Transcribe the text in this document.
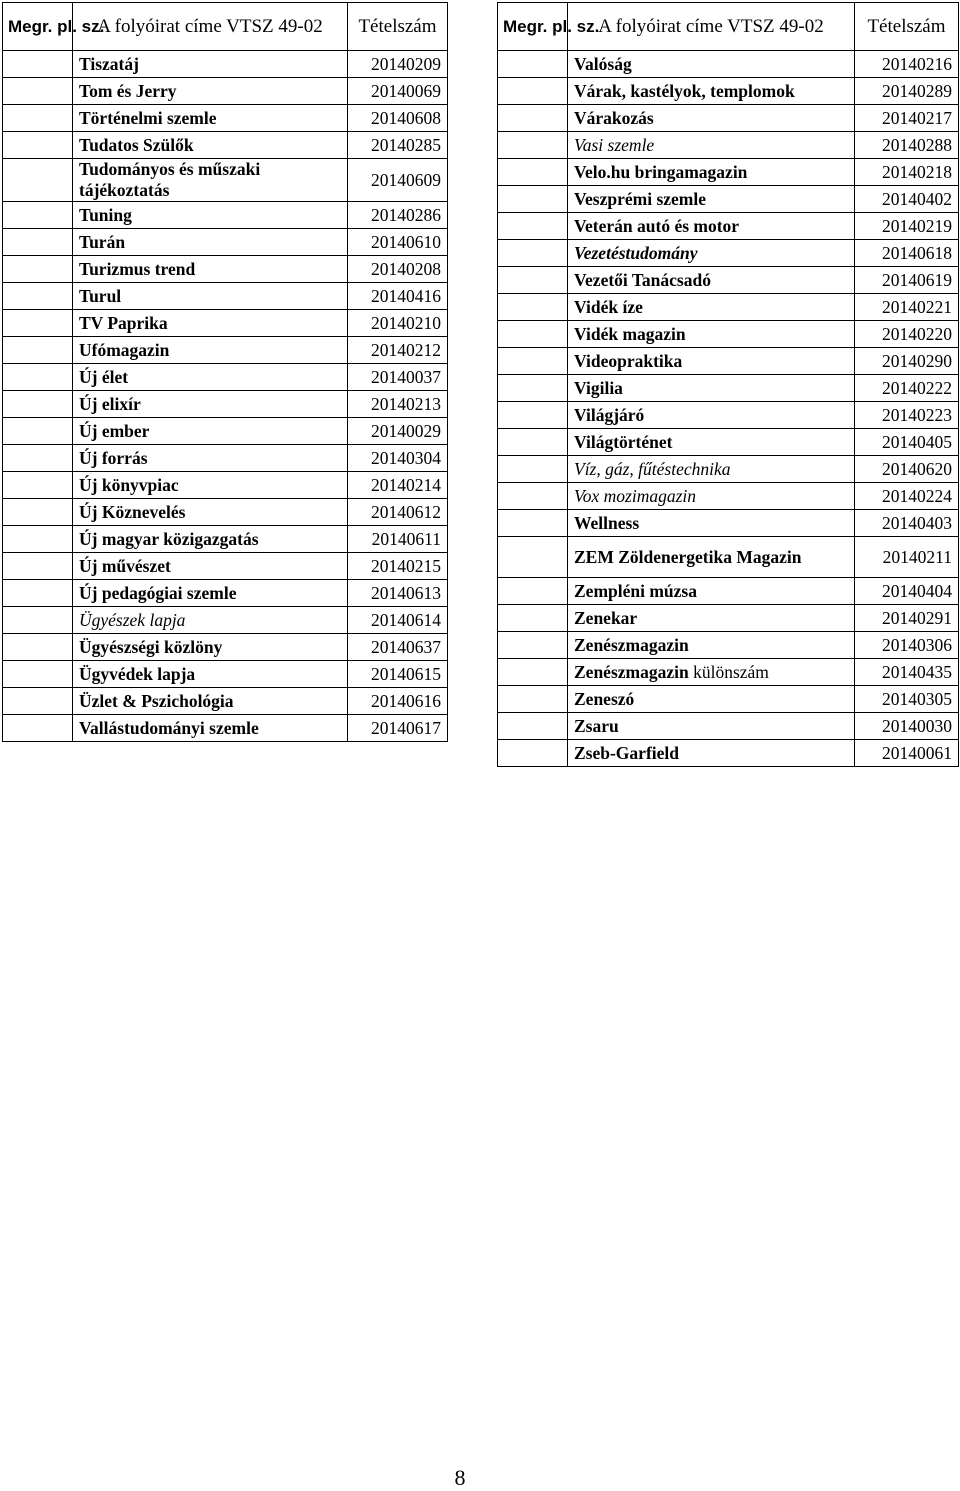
Megr. pl. sz.	A folyóirat címe VTSZ 49-02	Tételszám
	Tiszatáj	20140209
	Tom és Jerry	20140069
	Történelmi szemle	20140608
	Tudatos Szülők	20140285
	Tudományos és műszaki tájékoztatás	20140609
	Tuning	20140286
	Turán	20140610
	Turizmus trend	20140208
	Turul	20140416
	TV Paprika	20140210
	Ufómagazin	20140212
	Új élet	20140037
	Új elixír	20140213
	Új ember	20140029
	Új forrás	20140304
	Új könyvpiac	20140214
	Új Köznevelés	20140612
	Új magyar közigazgatás	20140611
	Új művészet	20140215
	Új pedagógiai szemle	20140613
	Ügyészek lapja	20140614
	Ügyészségi közlöny	20140637
	Ügyvédek lapja	20140615
	Üzlet & Pszichológia	20140616
	Vallástudományi szemle	20140617
Megr. pl. sz.	A folyóirat címe VTSZ 49-02	Tételszám
	Valóság	20140216
	Várak, kastélyok, templomok	20140289
	Várakozás	20140217
	Vasi szemle	20140288
	Velo.hu bringamagazin	20140218
	Veszprémi szemle	20140402
	Veterán autó és motor	20140219
	Vezetéstudomány	20140618
	Vezetői Tanácsadó	20140619
	Vidék íze	20140221
	Vidék magazin	20140220
	Videopraktika	20140290
	Vigilia	20140222
	Világjáró	20140223
	Világtörténet	20140405
	Víz, gáz, fűtéstechnika	20140620
	Vox mozimagazin	20140224
	Wellness	20140403
	ZEM Zöldenergetika Magazin	20140211
	Zempléni múzsa	20140404
	Zenekar	20140291
	Zenészmagazin	20140306
	Zenészmagazin különszám	20140435
	Zeneszó	20140305
	Zsaru	20140030
	Zseb-Garfield	20140061
8
